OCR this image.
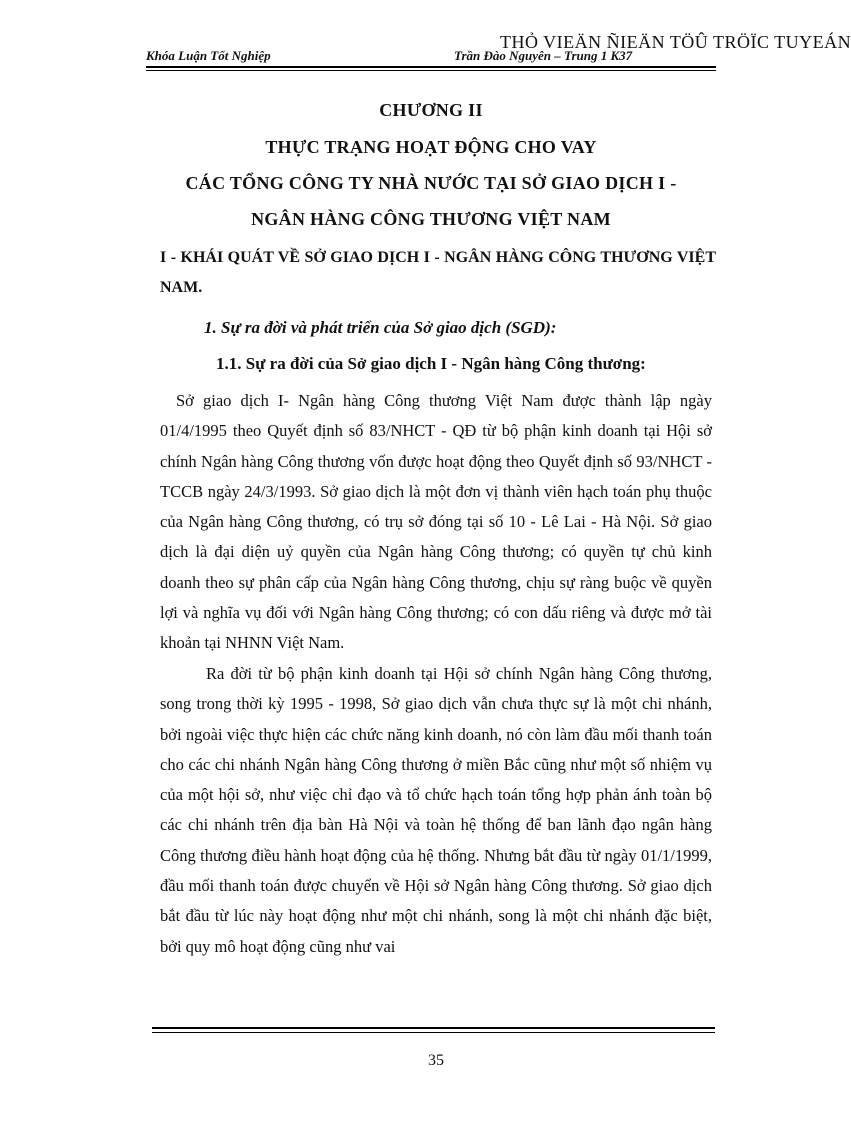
Khóa Luận Tốt Nghiệp	Trần Đào Nguyên – Trung 1 K37
THỎ VIEÄN ÑIEÄN TÖÛ TRÖÏC TUYEÁN
CHƯƠNG II
THỰC TRẠNG HOẠT ĐỘNG CHO VAY
CÁC TỔNG CÔNG TY NHÀ NƯỚC TẠI SỞ GIAO DỊCH I -
NGÂN HÀNG CÔNG THƯƠNG VIỆT NAM
I - KHÁI QUÁT VỀ SỞ GIAO DỊCH I - NGÂN HÀNG CÔNG THƯƠNG VIỆT NAM.
1. Sự ra đời và phát triển của Sở giao dịch (SGD):
1.1. Sự ra đời của Sở giao dịch I - Ngân hàng Công thương:

Sở giao dịch I- Ngân hàng Công thương Việt Nam được thành lập ngày 01/4/1995 theo Quyết định số 83/NHCT - QĐ từ bộ phận kinh doanh tại Hội sở chính Ngân hàng Công thương vốn được hoạt động theo Quyết định số 93/NHCT - TCCB ngày 24/3/1993. Sở giao dịch là một đơn vị thành viên hạch toán phụ thuộc của Ngân hàng Công thương, có trụ sở đóng tại số 10 - Lê Lai - Hà Nội. Sở giao dịch là đại diện uỷ quyền của Ngân hàng Công thương; có quyền tự chủ kinh doanh theo sự phân cấp của Ngân hàng Công thương, chịu sự ràng buộc về quyền lợi và nghĩa vụ đối với Ngân hàng Công thương; có con dấu riêng và được mở tài khoản tại NHNN Việt Nam.

Ra đời từ bộ phận kinh doanh tại Hội sở chính Ngân hàng Công thương, song trong thời kỳ 1995 - 1998, Sở giao dịch vẫn chưa thực sự là một chi nhánh, bởi ngoài việc thực hiện các chức năng kinh doanh, nó còn làm đầu mối thanh toán cho các chi nhánh Ngân hàng Công thương ở miền Bắc cũng như một số nhiệm vụ của một hội sở, như việc chỉ đạo và tổ chức hạch toán tổng hợp phản ánh toàn bộ các chi nhánh trên địa bàn Hà Nội và toàn hệ thống để ban lãnh đạo ngân hàng Công thương điều hành hoạt động của hệ thống. Nhưng bắt đầu từ ngày 01/1/1999, đầu mối thanh toán được chuyển về Hội sở Ngân hàng Công thương. Sở giao dịch bắt đầu từ lúc này hoạt động như một chi nhánh, song là một chi nhánh đặc biệt, bởi quy mô hoạt động cũng như vai

35
